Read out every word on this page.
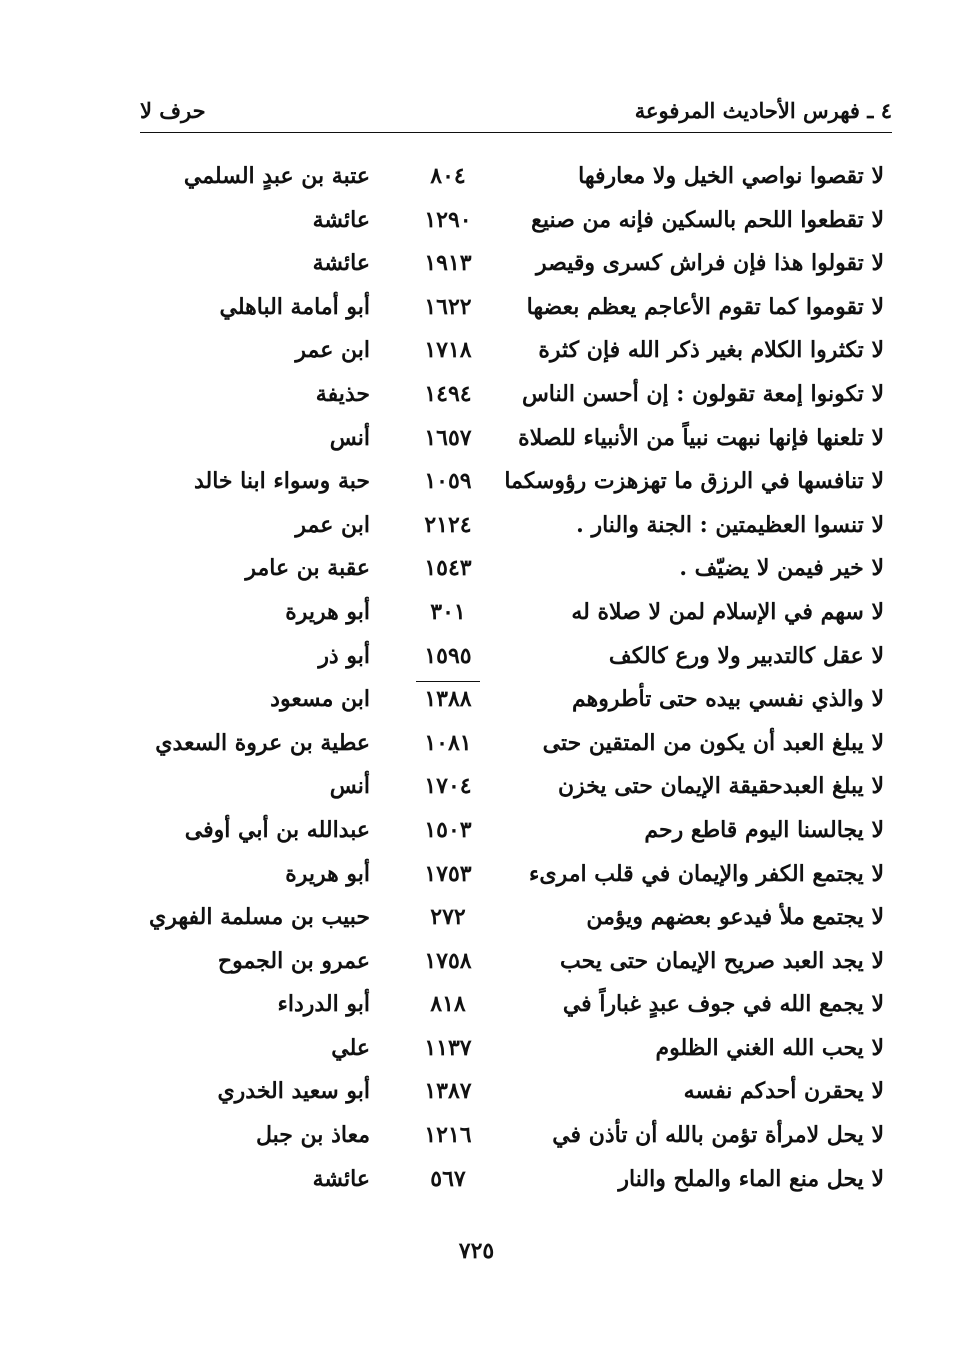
٤ ـ فهرس الأحاديث المرفوعة
حرف لا
لا تقصوا نواصي الخيل ولا معارفها
٨٠٤
عتبة بن عبدٍ السلمي
لا تقطعوا اللحم بالسكين فإنه من صنيع
١٢٩٠
عائشة
لا تقولوا هذا فإن فراش كسرى وقيصر
١٩١٣
عائشة
لا تقوموا كما تقوم الأعاجم يعظم بعضها
١٦٢٢
أبو أمامة الباهلي
لا تكثروا الكلام بغير ذكر الله فإن كثرة
١٧١٨
ابن عمر
لا تكونوا إمعة تقولون : إن أحسن الناس
١٤٩٤
حذيفة
لا تلعنها فإنها نبهت نبياً من الأنبياء للصلاة
١٦٥٧
أنس
لا تنافسها في الرزق ما تهزهزت رؤوسكما
١٠٥٩
حبة وسواء ابنا خالد
لا تنسوا العظيمتين : الجنة والنار .
٢١٢٤
ابن عمر
لا خير فيمن لا يضيّف .
١٥٤٣
عقبة بن عامر
لا سهم في الإسلام لمن لا صلاة له
٣٠١
أبو هريرة
لا عقل كالتدبير ولا ورع كالكف
١٥٩٥
أبو ذر
لا والذي نفسي بيده حتى تأطروهم
١٣٨٨
ابن مسعود
لا يبلغ العبد أن يكون من المتقين حتى
١٠٨١
عطية بن عروة السعدي
لا يبلغ العبدحقيقة الإيمان حتى يخزن
١٧٠٤
أنس
لا يجالسنا اليوم قاطع رحم
١٥٠٣
عبدالله بن أبي أوفى
لا يجتمع الكفر والإيمان في قلب امرىء
١٧٥٣
أبو هريرة
لا يجتمع ملأ فيدعو بعضهم ويؤمن
٢٧٢
حبيب بن مسلمة الفهري
لا يجد العبد صريح الإيمان حتى يحب
١٧٥٨
عمرو بن الجموح
لا يجمع الله في جوف عبدٍ غباراً في
٨١٨
أبو الدرداء
لا يحب الله الغني الظلوم
١١٣٧
علي
لا يحقرن أحدكم نفسه
١٣٨٧
أبو سعيد الخدري
لا يحل لامرأة تؤمن بالله أن تأذن في
١٢١٦
معاذ بن جبل
لا يحل منع الماء والملح والنار
٥٦٧
عائشة
٧٢٥
